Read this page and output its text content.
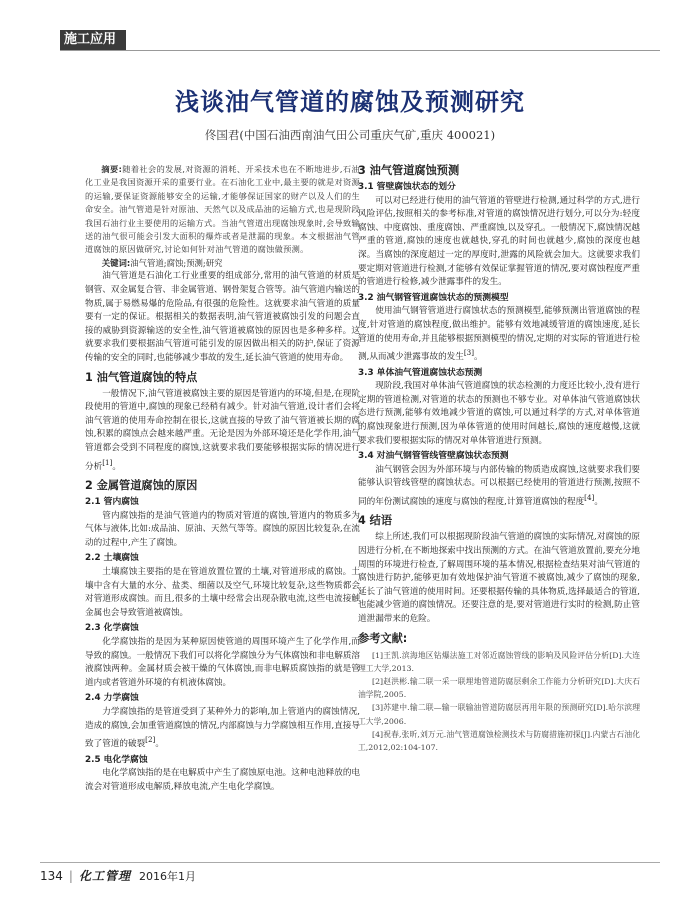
施工应用
浅谈油气管道的腐蚀及预测研究
佟国君(中国石油西南油气田公司重庆气矿,重庆 400021)

摘要:随着社会的发展,对资源的消耗、开采技术也在不断地进步,石油化工业是我国资源开采的重要行业。在石油化工业中,最主要的就是对资源的运输,要保证资源能够安全的运输,才能够保证国家的财产以及人们的生命安全。油气管道是针对原油、天然气以及成品油的运输方式,也是现阶段我国石油行业主要使用的运输方式。当油气管道出现腐蚀现象时,会导致输送的油气很可能会引发大面积的爆炸或者是泄漏的现象。本文根据油气管道腐蚀的原因做研究,讨论如何针对油气管道的腐蚀做预测。

关键词:油气管道;腐蚀;预测;研究

油气管道是石油化工行业重要的组成部分,常用的油气管道的材质是钢管、双金属复合管、非金属管道、钢骨架复合管等。油气管道内输送的物质,属于易燃易爆的危险品,有很强的危险性。这就要求油气管道的质量要有一定的保证。根据相关的数据表明,油气管道被腐蚀引发的问题会直接的威胁到资源输送的安全性,油气管道被腐蚀的原因也是多种多样。这就要求我们要根据油气管道可能引发的原因做出相关的防护,保证了资源传输的安全的同时,也能够减少事故的发生,延长油气管道的使用寿命。

1 油气管道腐蚀的特点

一般情况下,油气管道被腐蚀主要的原因是管道内的环境,但是,在现阶段使用的管道中,腐蚀的现象已经稍有减少。针对油气管道,设计者们会将油气管道的使用寿命控制在很长,这就直接的导致了油气管道被长期的腐蚀,积累的腐蚀点会越来越严重。无论是因为外部环境还是化学作用,油气管道都会受到不同程度的腐蚀,这就要求我们要能够根据实际的情况进行分析[1]。

2 金属管道腐蚀的原因
2.1 管内腐蚀

管内腐蚀指的是油气管道内的物质对管道的腐蚀,管道内的物质多为气体与液体,比如:成品油、原油、天然气等等。腐蚀的原因比较复杂,在流动的过程中,产生了腐蚀。

2.2 土壤腐蚀

土壤腐蚀主要指的是在管道放置位置的土壤,对管道形成的腐蚀。土壤中含有大量的水分、盐类、细菌以及空气,环境比较复杂,这些物质都会对管道形成腐蚀。而且,很多的土壤中经常会出现杂散电流,这些电流接触金属也会导致管道被腐蚀。

2.3 化学腐蚀

化学腐蚀指的是因为某种原因使管道的周围环境产生了化学作用,而导致的腐蚀。一般情况下我们可以将化学腐蚀分为气体腐蚀和非电解质溶液腐蚀两种。金属材质会被干燥的气体腐蚀,而非电解质腐蚀指的就是管道内或者管道外环境的有机液体腐蚀。

2.4 力学腐蚀

力学腐蚀指的是管道受到了某种外力的影响,加上管道内的腐蚀情况,造成的腐蚀,会加重管道腐蚀的情况,内部腐蚀与力学腐蚀相互作用,直接导致了管道的破裂[2]。

2.5 电化学腐蚀

电化学腐蚀指的是在电解质中产生了腐蚀原电池。这种电池释放的电流会对管道形成电解质,释放电流,产生电化学腐蚀。

3 油气管道腐蚀预测
3.1 管壁腐蚀状态的划分

可以对已经进行使用的油气管道的管壁进行检测,通过科学的方式,进行风险评估,按照相关的参考标准,对管道的腐蚀情况进行划分,可以分为:轻度腐蚀、中度腐蚀、重度腐蚀、严重腐蚀,以及穿孔。一般情况下,腐蚀情况越严重的管道,腐蚀的速度也就越快,穿孔的时间也就越少,腐蚀的深度也越深。当腐蚀的深度超过一定的厚度时,泄露的风险就会加大。这就要求我们要定期对管道进行检测,才能够有效保证掌握管道的情况,要对腐蚀程度严重的管道进行检修,减少泄露事件的发生。

3.2 油气钢管管道腐蚀状态的预测模型

使用油气钢管管道进行腐蚀状态的预测模型,能够预测出管道腐蚀的程度,针对管道的腐蚀程度,做出维护。能够有效地减缓管道的腐蚀速度,延长管道的使用寿命,并且能够根据预测模型的情况,定期的对实际的管道进行检测,从而减少泄露事故的发生[3]。

3.3 单体油气管道腐蚀状态预测

现阶段,我国对单体油气管道腐蚀的状态检测的力度还比较小,没有进行定期的管道检测,对管道的状态的预测也不够专业。对单体油气管道腐蚀状态进行预测,能够有效地减少管道的腐蚀,可以通过科学的方式,对单体管道的腐蚀现象进行预测,因为单体管道的使用时间越长,腐蚀的速度越慢,这就要求我们要根据实际的情况对单体管道进行预测。

3.4 对油气钢管管线管壁腐蚀状态预测

油气钢管会因为外部环境与内部传输的物质造成腐蚀,这就要求我们要能够认识管线管壁的腐蚀状态。可以根据已经使用的管道进行预测,按照不同的年份测试腐蚀的速度与腐蚀的程度,计算管道腐蚀的程度[4]。

4 结语

综上所述,我们可以根据现阶段油气管道的腐蚀的实际情况,对腐蚀的原因进行分析,在不断地探索中找出预测的方式。在油气管道放置前,要充分地周围的环境进行检查,了解周围环境的基本情况,根据检查结果对油气管道的腐蚀进行防护,能够更加有效地保护油气管道不被腐蚀,减少了腐蚀的现象,延长了油气管道的使用时间。还要根据传输的具体物质,选择最适合的管道,也能减少管道的腐蚀情况。还要注意的是,要对管道进行实时的检测,防止管道泄漏带来的危险。

参考文献:

[1]王凯.滨海地区钻爆法施工对邻近腐蚀管线的影响及风险评估分析[D].大连理工大学,2013.

[2]赵洪彬.输二联一采一联埋地管道防腐层剩余工作能力分析研究[D].大庆石油学院,2005.

[3]苏建中.输二联—输一联输油管道防腐层再用年限的预测研究[D].哈尔滨理工大学,2006.

[4]祝春,张昕,刘万元.油气管道腐蚀检测技术与防腐措施初探[J].内蒙古石油化工,2012,02:104-107.

134 | 化工管理 2016年1月
